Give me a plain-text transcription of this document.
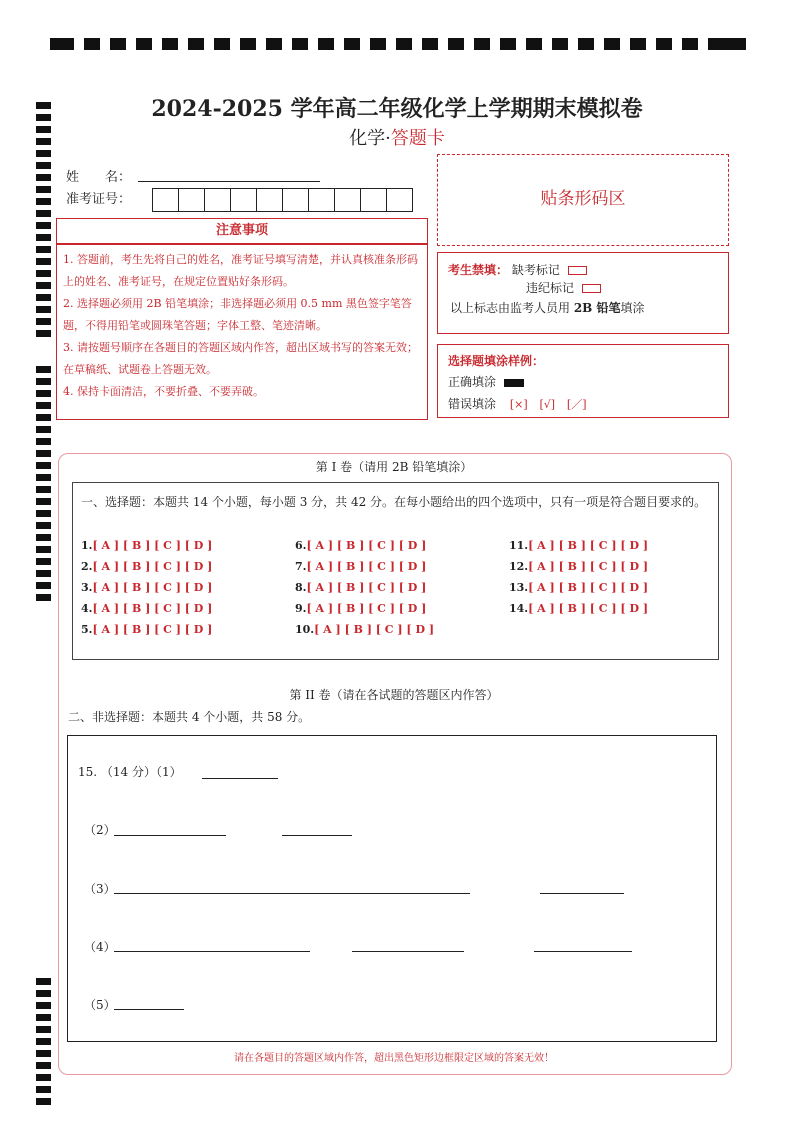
2024-2025 学年高二年级化学上学期期末模拟卷
化学·答题卡
姓　　名：
准考证号：
注意事项
1. 答题前，考生先将自己的姓名，准考证号填写清楚，并认真核准条形码上的姓名、准考证号，在规定位置贴好条形码。
2. 选择题必须用 2B 铅笔填涂；非选择题必须用 0.5 mm 黑色签字笔答题，不得用铅笔或圆珠笔答题；字体工整、笔迹清晰。
3. 请按题号顺序在各题目的答题区域内作答，超出区域书写的答案无效；在草稿纸、试题卷上答题无效。
4. 保持卡面清洁，不要折叠、不要弄破。
贴条形码区
考生禁填： 缺考标记
违纪标记
以上标志由监考人员用 2B 铅笔填涂
选择题填涂样例：
正确填涂
错误填涂 [×] [√] [／]
第 I 卷（请用 2B 铅笔填涂）
一、选择题：本题共 14 个小题，每小题 3 分，共 42 分。在每小题给出的四个选项中，只有一项是符合题目要求的。
1.[ A ] [ B ] [ C ] [ D ]
2.[ A ] [ B ] [ C ] [ D ]
3.[ A ] [ B ] [ C ] [ D ]
4.[ A ] [ B ] [ C ] [ D ]
5.[ A ] [ B ] [ C ] [ D ]
6.[ A ] [ B ] [ C ] [ D ]
7.[ A ] [ B ] [ C ] [ D ]
8.[ A ] [ B ] [ C ] [ D ]
9.[ A ] [ B ] [ C ] [ D ]
10.[ A ] [ B ] [ C ] [ D ]
11.[ A ] [ B ] [ C ] [ D ]
12.[ A ] [ B ] [ C ] [ D ]
13.[ A ] [ B ] [ C ] [ D ]
14.[ A ] [ B ] [ C ] [ D ]
第 II 卷（请在各试题的答题区内作答）
二、非选择题：本题共 4 个小题，共 58 分。
15. （14 分）（1）
（2）
（3）
（4）
（5）
请在各题目的答题区域内作答，超出黑色矩形边框限定区域的答案无效！
